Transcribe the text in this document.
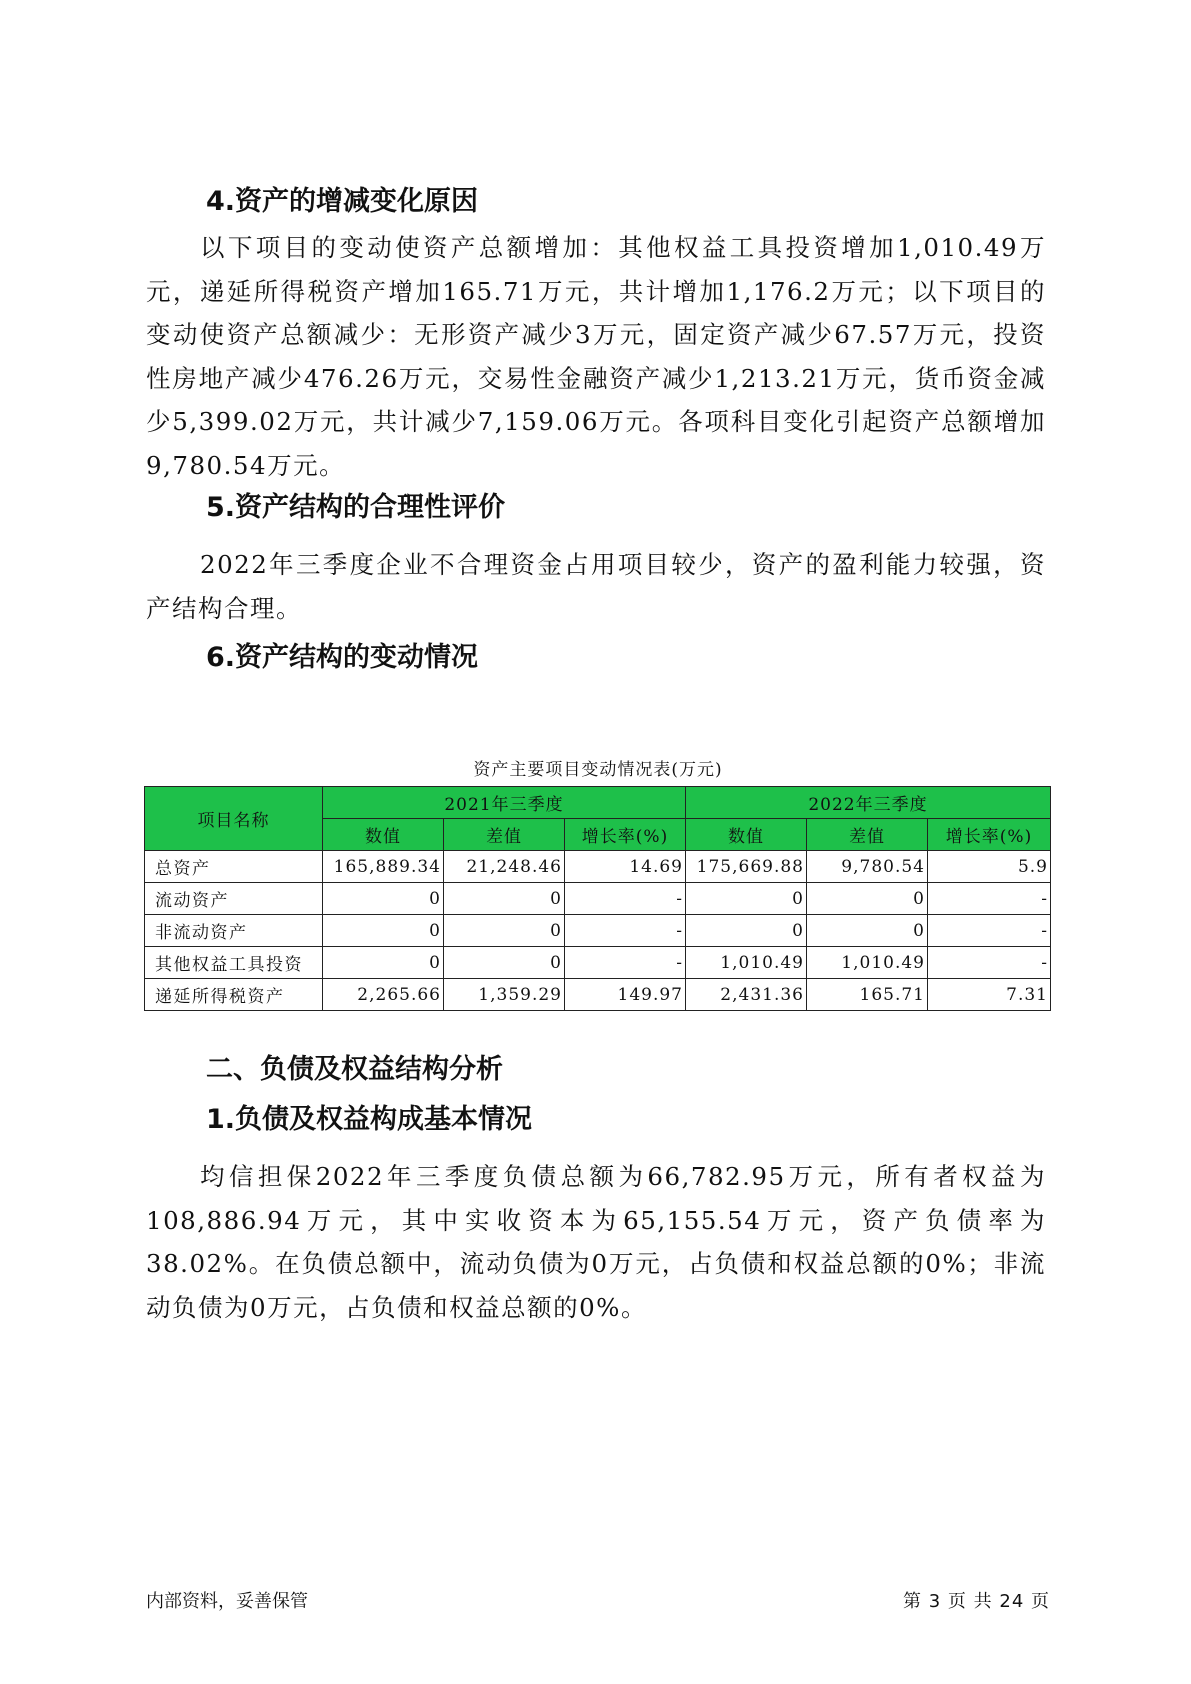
4.资产的增减变化原因

以下项目的变动使资产总额增加：其他权益工具投资增加1,010.49万元，递延所得税资产增加165.71万元，共计增加1,176.2万元；以下项目的变动使资产总额减少：无形资产减少3万元，固定资产减少67.57万元，投资性房地产减少476.26万元，交易性金融资产减少1,213.21万元，货币资金减少5,399.02万元，共计减少7,159.06万元。各项科目变化引起资产总额增加9,780.54万元。

5.资产结构的合理性评价

2022年三季度企业不合理资金占用项目较少，资产的盈利能力较强，资产结构合理。

6.资产结构的变动情况
资产主要项目变动情况表(万元)
项目名称	2021年三季度			2022年三季度		
	数值	差值	增长率(%)	数值	差值	增长率(%)
总资产	165,889.34	21,248.46	14.69	175,669.88	9,780.54	5.9
流动资产	0	0	-	0	0	-
非流动资产	0	0	-	0	0	-
其他权益工具投资	0	0	-	1,010.49	1,010.49	-
递延所得税资产	2,265.66	1,359.29	149.97	2,431.36	165.71	7.31
二、负债及权益结构分析
1.负债及权益构成基本情况

均信担保2022年三季度负债总额为66,782.95万元，所有者权益为108,886.94万元，其中实收资本为65,155.54万元，资产负债率为38.02%。在负债总额中，流动负债为0万元，占负债和权益总额的0%；非流动负债为0万元，占负债和权益总额的0%。

内部资料，妥善保管	第 3 页 共 24 页
